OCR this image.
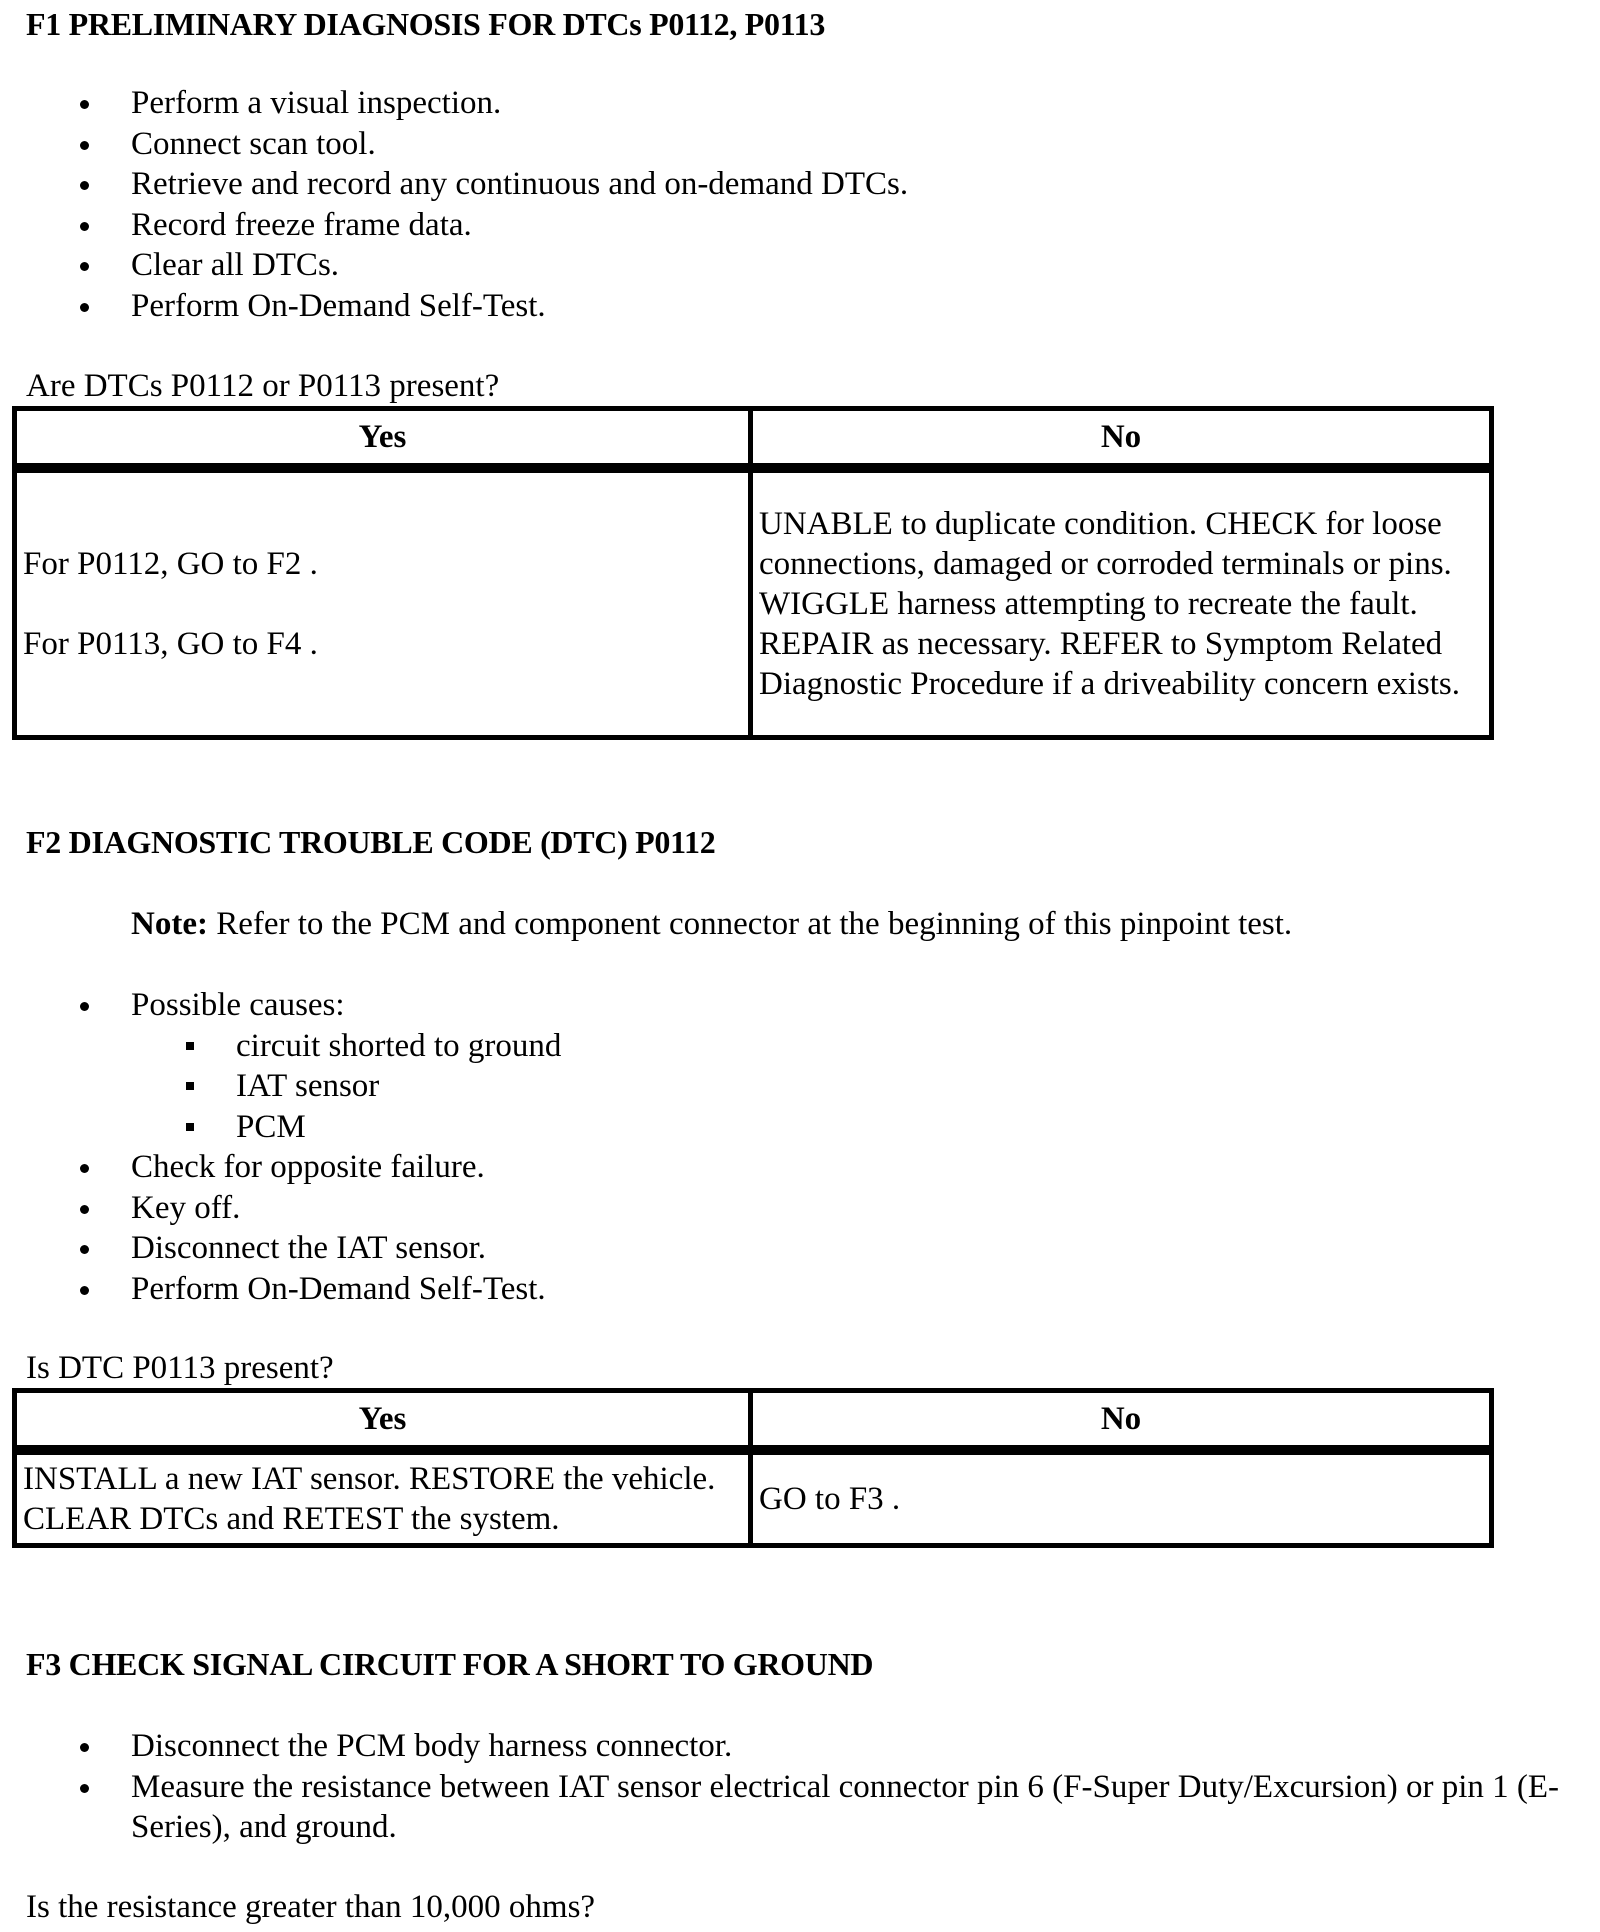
F1 PRELIMINARY DIAGNOSIS FOR DTCs P0112, P0113
Perform a visual inspection.
Connect scan tool.
Retrieve and record any continuous and on-demand DTCs.
Record freeze frame data.
Clear all DTCs.
Perform On-Demand Self-Test.
Are DTCs P0112 or P0113 present?
Yes	No

For P0112, GO to F2 .
For P0113, GO to F4 .	UNABLE to duplicate condition. CHECK for loose connections, damaged or corroded terminals or pins. WIGGLE harness attempting to recreate the fault. REPAIR as necessary. REFER to Symptom Related Diagnostic Procedure if a driveability concern exists.
F2 DIAGNOSTIC TROUBLE CODE (DTC) P0112
Note: Refer to the PCM and component connector at the beginning of this pinpoint test.
Possible causes:
circuit shorted to ground
IAT sensor
PCM
Check for opposite failure.
Key off.
Disconnect the IAT sensor.
Perform On-Demand Self-Test.
Is DTC P0113 present?
Yes	No
INSTALL a new IAT sensor. RESTORE the vehicle. CLEAR DTCs and RETEST the system.	GO to F3 .
F3 CHECK SIGNAL CIRCUIT FOR A SHORT TO GROUND
Disconnect the PCM body harness connector.
Measure the resistance between IAT sensor electrical connector pin 6 (F-Super Duty/Excursion) or pin 1 (E-Series), and ground.
Is the resistance greater than 10,000 ohms?
